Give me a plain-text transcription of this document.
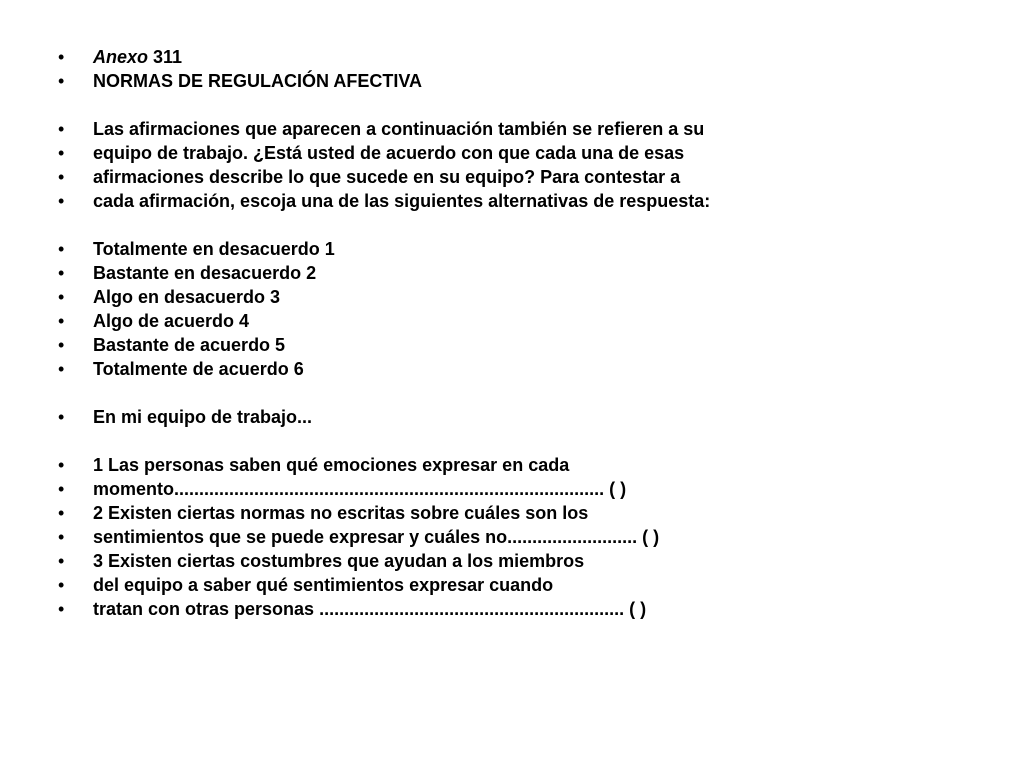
• Anexo 311
• NORMAS DE REGULACIÓN AFECTIVA
• Las afirmaciones que aparecen a continuación también se refieren a su
• equipo de trabajo. ¿Está usted de acuerdo con que cada una de esas
• afirmaciones describe lo que sucede en su equipo? Para contestar a
• cada afirmación, escoja una de las siguientes alternativas de respuesta:
• Totalmente en desacuerdo 1
• Bastante en desacuerdo 2
• Algo en desacuerdo 3
• Algo de acuerdo 4
• Bastante de acuerdo 5
• Totalmente de acuerdo 6
• En mi equipo de trabajo...
• 1 Las personas saben qué emociones expresar en cada
• momento...................................................................................... ( )
• 2 Existen ciertas normas no escritas sobre cuáles son los
• sentimientos que se puede expresar y cuáles no.......................... ( )
• 3 Existen ciertas costumbres que ayudan a los miembros
• del equipo a saber qué sentimientos expresar cuando
• tratan con otras personas ............................................................. ( )
